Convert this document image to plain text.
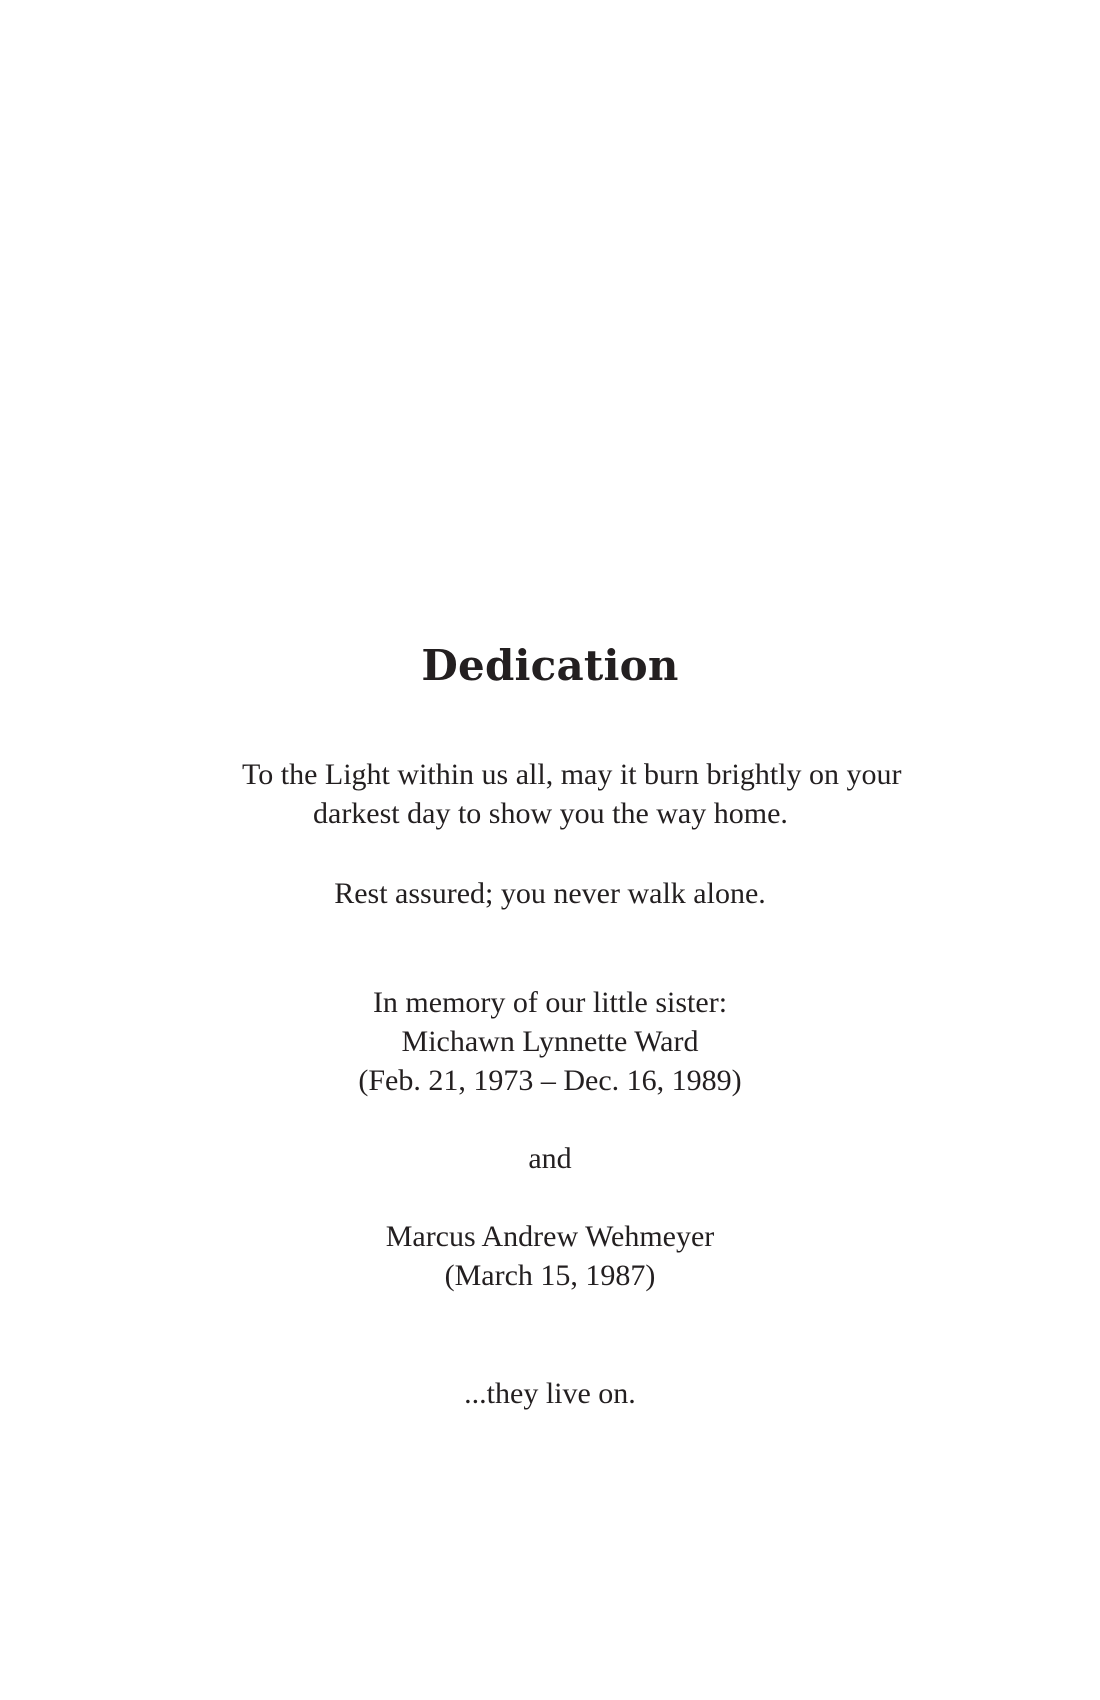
Dedication
To the Light within us all, may it burn brightly on your
darkest day to show you the way home.
Rest assured; you never walk alone.
In memory of our little sister:
Michawn Lynnette Ward
(Feb. 21, 1973 – Dec. 16, 1989)
and
Marcus Andrew Wehmeyer
(March 15, 1987)
...they live on.
